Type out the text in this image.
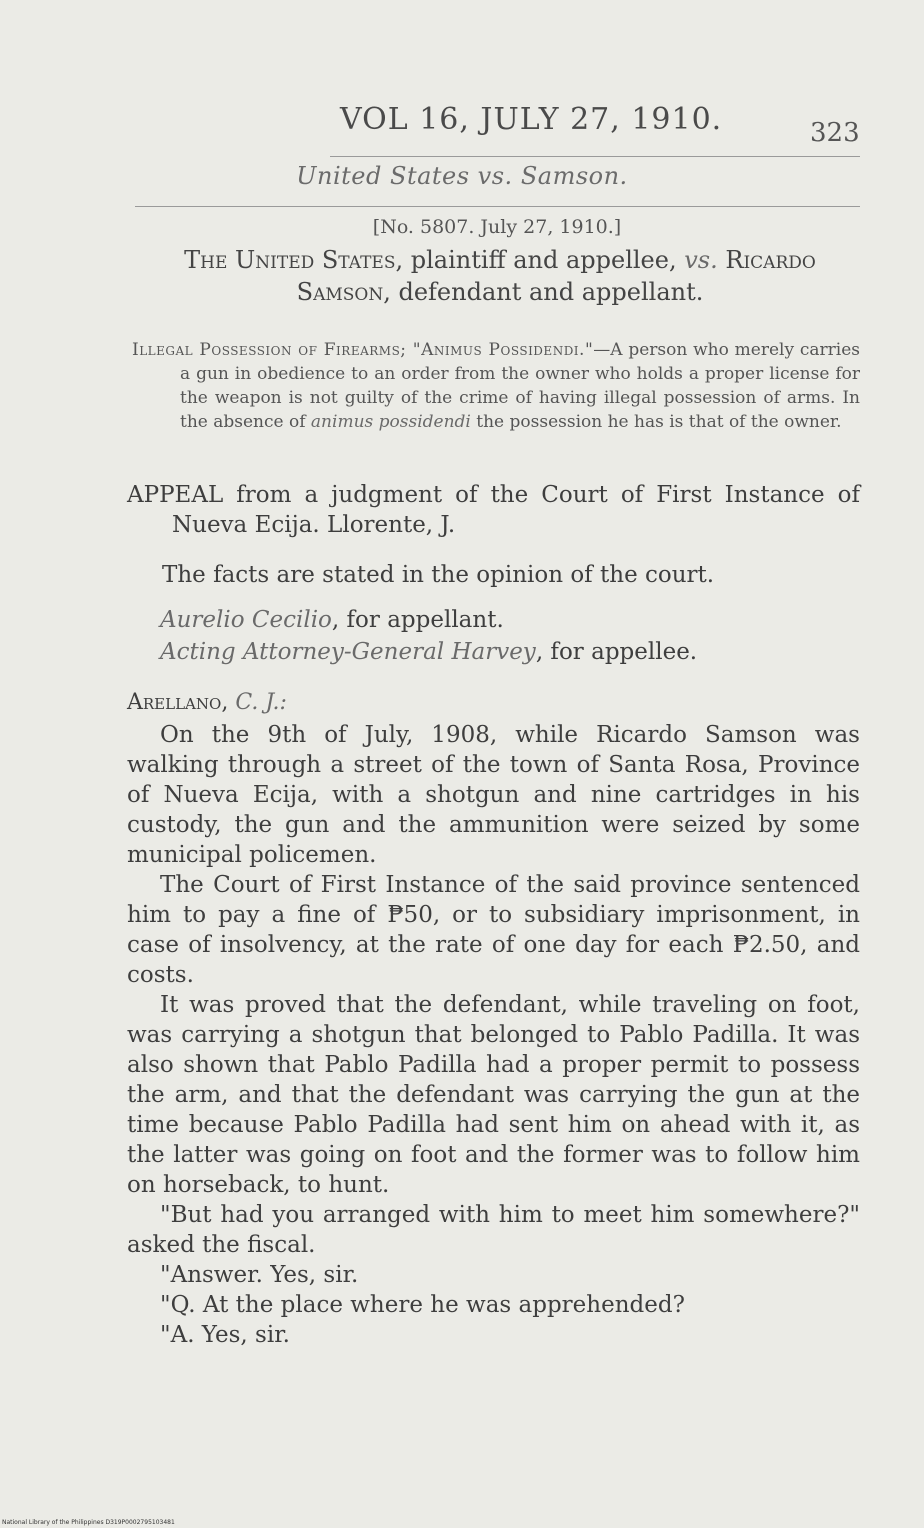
VOL 16, JULY 27, 1910.	323
United States vs. Samson.
[No. 5807. July 27, 1910.]
The United States, plaintiff and appellee, vs. Ricardo Samson, defendant and appellant.

Illegal Possession of Firearms; "Animus Possidendi."—A person who merely carries a gun in obedience to an order from the owner who holds a proper license for the weapon is not guilty of the crime of having illegal possession of arms. In the absence of animus possidendi the possession he has is that of the owner.

APPEAL from a judgment of the Court of First Instance of Nueva Ecija. Llorente, J.

The facts are stated in the opinion of the court.
Aurelio Cecilio, for appellant.
Acting Attorney-General Harvey, for appellee.
Arellano, C. J.:

On the 9th of July, 1908, while Ricardo Samson was walking through a street of the town of Santa Rosa, Province of Nueva Ecija, with a shotgun and nine cartridges in his custody, the gun and the ammunition were seized by some municipal policemen.

The Court of First Instance of the said province sentenced him to pay a fine of ₱50, or to subsidiary imprisonment, in case of insolvency, at the rate of one day for each ₱2.50, and costs.

It was proved that the defendant, while traveling on foot, was carrying a shotgun that belonged to Pablo Padilla. It was also shown that Pablo Padilla had a proper permit to possess the arm, and that the defendant was carrying the gun at the time because Pablo Padilla had sent him on ahead with it, as the latter was going on foot and the former was to follow him on horseback, to hunt.

"But had you arranged with him to meet him somewhere?" asked the fiscal.

"Answer. Yes, sir.

"Q. At the place where he was apprehended?

"A. Yes, sir.

National Library of the Philippines D319P0002795103481
